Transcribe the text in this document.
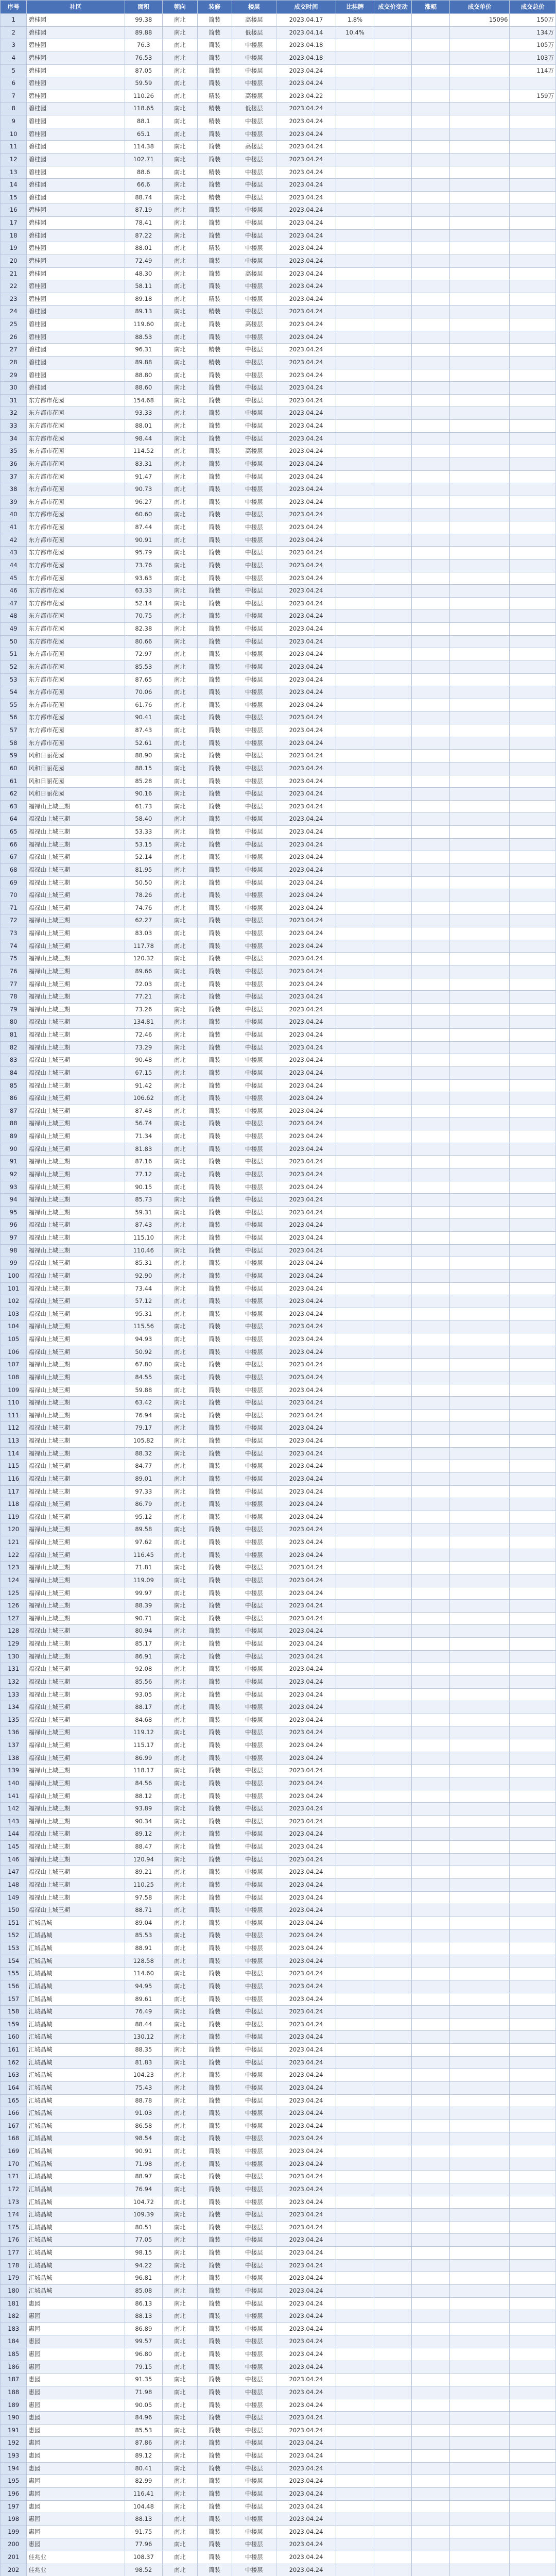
序号	社区	面积	朝向	装修	楼层	成交时间	比挂牌	成交价变动	涨幅	成交单价	成交总价
1	碧桂园	99.38	南北	简装	高楼层	2023.04.17	1.8%			15096	150万
2	碧桂园	89.88	南北	简装	低楼层	2023.04.14	10.4%				134万
3	碧桂园	76.3	南北	简装	中楼层	2023.04.18					105万
4	碧桂园	76.53	南北	简装	中楼层	2023.04.18					103万
5	碧桂园	87.05	南北	简装	中楼层	2023.04.24					114万
6	碧桂园	59.59	南北	简装	中楼层	2023.04.24					
7	碧桂园	110.26	南北	精装	高楼层	2023.04.22					159万
8	碧桂园	118.65	南北	精装	低楼层	2023.04.24					
9	碧桂园	88.1	南北	精装	中楼层	2023.04.24					
10	碧桂园	65.1	南北	简装	中楼层	2023.04.24					
11	碧桂园	114.38	南北	简装	高楼层	2023.04.24					
12	碧桂园	102.71	南北	简装	中楼层	2023.04.24					
13	碧桂园	88.6	南北	精装	中楼层	2023.04.24					
14	碧桂园	66.6	南北	简装	中楼层	2023.04.24					
15	碧桂园	88.74	南北	精装	中楼层	2023.04.24					
16	碧桂园	87.19	南北	简装	中楼层	2023.04.24					
17	碧桂园	78.41	南北	简装	中楼层	2023.04.24					
18	碧桂园	87.22	南北	简装	中楼层	2023.04.24					
19	碧桂园	88.01	南北	精装	中楼层	2023.04.24					
20	碧桂园	72.49	南北	简装	中楼层	2023.04.24					
21	碧桂园	48.30	南北	简装	高楼层	2023.04.24					
22	碧桂园	58.11	南北	简装	中楼层	2023.04.24					
23	碧桂园	89.18	南北	精装	中楼层	2023.04.24					
24	碧桂园	89.13	南北	精装	中楼层	2023.04.24					
25	碧桂园	119.60	南北	简装	高楼层	2023.04.24					
26	碧桂园	88.53	南北	简装	中楼层	2023.04.24					
27	碧桂园	96.31	南北	精装	中楼层	2023.04.24					
28	碧桂园	89.88	南北	精装	中楼层	2023.04.24					
29	碧桂园	88.80	南北	简装	中楼层	2023.04.24					
30	碧桂园	88.60	南北	简装	中楼层	2023.04.24					
31	东方都市花园	154.68	南北	简装	中楼层	2023.04.24					
32	东方都市花园	93.33	南北	简装	中楼层	2023.04.24					
33	东方都市花园	88.01	南北	简装	中楼层	2023.04.24					
34	东方都市花园	98.44	南北	简装	中楼层	2023.04.24					
35	东方都市花园	114.52	南北	简装	高楼层	2023.04.24					
36	东方都市花园	83.31	南北	简装	中楼层	2023.04.24					
37	东方都市花园	91.47	南北	简装	中楼层	2023.04.24					
38	东方都市花园	90.73	南北	简装	中楼层	2023.04.24					
39	东方都市花园	96.27	南北	简装	中楼层	2023.04.24					
40	东方都市花园	60.60	南北	简装	中楼层	2023.04.24					
41	东方都市花园	87.44	南北	简装	中楼层	2023.04.24					
42	东方都市花园	90.91	南北	简装	中楼层	2023.04.24					
43	东方都市花园	95.79	南北	简装	中楼层	2023.04.24					
44	东方都市花园	73.76	南北	简装	中楼层	2023.04.24					
45	东方都市花园	93.63	南北	简装	中楼层	2023.04.24					
46	东方都市花园	63.33	南北	简装	中楼层	2023.04.24					
47	东方都市花园	52.14	南北	简装	中楼层	2023.04.24					
48	东方都市花园	70.75	南北	简装	中楼层	2023.04.24					
49	东方都市花园	82.38	南北	简装	中楼层	2023.04.24					
50	东方都市花园	80.66	南北	简装	中楼层	2023.04.24					
51	东方都市花园	72.97	南北	简装	中楼层	2023.04.24					
52	东方都市花园	85.53	南北	简装	中楼层	2023.04.24					
53	东方都市花园	87.65	南北	简装	中楼层	2023.04.24					
54	东方都市花园	70.06	南北	简装	中楼层	2023.04.24					
55	东方都市花园	61.76	南北	简装	中楼层	2023.04.24					
56	东方都市花园	90.41	南北	简装	中楼层	2023.04.24					
57	东方都市花园	87.43	南北	简装	中楼层	2023.04.24					
58	东方都市花园	52.61	南北	简装	中楼层	2023.04.24					
59	风和日丽花园	88.90	南北	简装	中楼层	2023.04.24					
60	风和日丽花园	88.15	南北	简装	中楼层	2023.04.24					
61	风和日丽花园	85.28	南北	简装	中楼层	2023.04.24					
62	风和日丽花园	90.16	南北	简装	中楼层	2023.04.24					
63	福禄山上城三期	61.73	南北	简装	中楼层	2023.04.24					
64	福禄山上城三期	58.40	南北	简装	中楼层	2023.04.24					
65	福禄山上城三期	53.33	南北	简装	中楼层	2023.04.24					
66	福禄山上城三期	53.15	南北	简装	中楼层	2023.04.24					
67	福禄山上城三期	52.14	南北	简装	中楼层	2023.04.24					
68	福禄山上城三期	81.95	南北	简装	中楼层	2023.04.24					
69	福禄山上城三期	50.50	南北	简装	中楼层	2023.04.24					
70	福禄山上城三期	78.26	南北	简装	中楼层	2023.04.24					
71	福禄山上城三期	74.76	南北	简装	中楼层	2023.04.24					
72	福禄山上城三期	62.27	南北	简装	中楼层	2023.04.24					
73	福禄山上城三期	83.03	南北	简装	中楼层	2023.04.24					
74	福禄山上城三期	117.78	南北	简装	中楼层	2023.04.24					
75	福禄山上城三期	120.32	南北	简装	中楼层	2023.04.24					
76	福禄山上城三期	89.66	南北	简装	中楼层	2023.04.24					
77	福禄山上城三期	72.03	南北	简装	中楼层	2023.04.24					
78	福禄山上城三期	77.21	南北	简装	中楼层	2023.04.24					
79	福禄山上城三期	73.26	南北	简装	中楼层	2023.04.24					
80	福禄山上城三期	134.81	南北	简装	中楼层	2023.04.24					
81	福禄山上城三期	72.46	南北	简装	中楼层	2023.04.24					
82	福禄山上城三期	73.29	南北	简装	中楼层	2023.04.24					
83	福禄山上城三期	90.48	南北	简装	中楼层	2023.04.24					
84	福禄山上城三期	67.15	南北	简装	中楼层	2023.04.24					
85	福禄山上城三期	91.42	南北	简装	中楼层	2023.04.24					
86	福禄山上城三期	106.62	南北	简装	中楼层	2023.04.24					
87	福禄山上城三期	87.48	南北	简装	中楼层	2023.04.24					
88	福禄山上城三期	56.74	南北	简装	中楼层	2023.04.24					
89	福禄山上城三期	71.34	南北	简装	中楼层	2023.04.24					
90	福禄山上城三期	81.83	南北	简装	中楼层	2023.04.24					
91	福禄山上城三期	87.16	南北	简装	中楼层	2023.04.24					
92	福禄山上城三期	77.12	南北	简装	中楼层	2023.04.24					
93	福禄山上城三期	90.15	南北	简装	中楼层	2023.04.24					
94	福禄山上城三期	85.73	南北	简装	中楼层	2023.04.24					
95	福禄山上城三期	59.31	南北	简装	中楼层	2023.04.24					
96	福禄山上城三期	87.43	南北	简装	中楼层	2023.04.24					
97	福禄山上城三期	115.10	南北	简装	中楼层	2023.04.24					
98	福禄山上城三期	110.46	南北	简装	中楼层	2023.04.24					
99	福禄山上城三期	85.31	南北	简装	中楼层	2023.04.24					
100	福禄山上城三期	92.90	南北	简装	中楼层	2023.04.24					
101	福禄山上城三期	73.44	南北	简装	中楼层	2023.04.24					
102	福禄山上城三期	57.12	南北	简装	中楼层	2023.04.24					
103	福禄山上城三期	95.31	南北	简装	中楼层	2023.04.24					
104	福禄山上城三期	115.56	南北	简装	中楼层	2023.04.24					
105	福禄山上城三期	94.93	南北	简装	中楼层	2023.04.24					
106	福禄山上城三期	50.92	南北	简装	中楼层	2023.04.24					
107	福禄山上城三期	67.80	南北	简装	中楼层	2023.04.24					
108	福禄山上城三期	84.55	南北	简装	中楼层	2023.04.24					
109	福禄山上城三期	59.88	南北	简装	中楼层	2023.04.24					
110	福禄山上城三期	63.42	南北	简装	中楼层	2023.04.24					
111	福禄山上城三期	76.94	南北	简装	中楼层	2023.04.24					
112	福禄山上城三期	79.17	南北	简装	中楼层	2023.04.24					
113	福禄山上城三期	105.82	南北	简装	中楼层	2023.04.24					
114	福禄山上城三期	88.32	南北	简装	中楼层	2023.04.24					
115	福禄山上城三期	84.77	南北	简装	中楼层	2023.04.24					
116	福禄山上城三期	89.01	南北	简装	中楼层	2023.04.24					
117	福禄山上城三期	97.33	南北	简装	中楼层	2023.04.24					
118	福禄山上城三期	86.79	南北	简装	中楼层	2023.04.24					
119	福禄山上城三期	95.12	南北	简装	中楼层	2023.04.24					
120	福禄山上城三期	89.58	南北	简装	中楼层	2023.04.24					
121	福禄山上城三期	97.62	南北	简装	中楼层	2023.04.24					
122	福禄山上城三期	116.45	南北	简装	中楼层	2023.04.24					
123	福禄山上城三期	71.81	南北	简装	中楼层	2023.04.24					
124	福禄山上城三期	119.09	南北	简装	中楼层	2023.04.24					
125	福禄山上城三期	99.97	南北	简装	中楼层	2023.04.24					
126	福禄山上城三期	88.39	南北	简装	中楼层	2023.04.24					
127	福禄山上城三期	90.71	南北	简装	中楼层	2023.04.24					
128	福禄山上城三期	80.94	南北	简装	中楼层	2023.04.24					
129	福禄山上城三期	85.17	南北	简装	中楼层	2023.04.24					
130	福禄山上城三期	86.91	南北	简装	中楼层	2023.04.24					
131	福禄山上城三期	92.08	南北	简装	中楼层	2023.04.24					
132	福禄山上城三期	85.56	南北	简装	中楼层	2023.04.24					
133	福禄山上城三期	93.05	南北	简装	中楼层	2023.04.24					
134	福禄山上城三期	88.17	南北	简装	中楼层	2023.04.24					
135	福禄山上城三期	84.68	南北	简装	中楼层	2023.04.24					
136	福禄山上城三期	119.12	南北	简装	中楼层	2023.04.24					
137	福禄山上城三期	115.17	南北	简装	中楼层	2023.04.24					
138	福禄山上城三期	86.99	南北	简装	中楼层	2023.04.24					
139	福禄山上城三期	118.17	南北	简装	中楼层	2023.04.24					
140	福禄山上城三期	84.56	南北	简装	中楼层	2023.04.24					
141	福禄山上城三期	88.12	南北	简装	中楼层	2023.04.24					
142	福禄山上城三期	93.89	南北	简装	中楼层	2023.04.24					
143	福禄山上城三期	90.34	南北	简装	中楼层	2023.04.24					
144	福禄山上城三期	89.12	南北	简装	中楼层	2023.04.24					
145	福禄山上城三期	88.47	南北	简装	中楼层	2023.04.24					
146	福禄山上城三期	120.94	南北	简装	中楼层	2023.04.24					
147	福禄山上城三期	89.21	南北	简装	中楼层	2023.04.24					
148	福禄山上城三期	110.25	南北	简装	中楼层	2023.04.24					
149	福禄山上城三期	97.58	南北	简装	中楼层	2023.04.24					
150	福禄山上城三期	88.71	南北	简装	中楼层	2023.04.24					
151	汇城晶城	89.04	南北	简装	中楼层	2023.04.24					
152	汇城晶城	85.53	南北	简装	中楼层	2023.04.24					
153	汇城晶城	88.91	南北	简装	中楼层	2023.04.24					
154	汇城晶城	128.58	南北	简装	中楼层	2023.04.24					
155	汇城晶城	114.60	南北	简装	中楼层	2023.04.24					
156	汇城晶城	94.95	南北	简装	中楼层	2023.04.24					
157	汇城晶城	89.61	南北	简装	中楼层	2023.04.24					
158	汇城晶城	76.49	南北	简装	中楼层	2023.04.24					
159	汇城晶城	88.44	南北	简装	中楼层	2023.04.24					
160	汇城晶城	130.12	南北	简装	中楼层	2023.04.24					
161	汇城晶城	88.35	南北	简装	中楼层	2023.04.24					
162	汇城晶城	81.83	南北	简装	中楼层	2023.04.24					
163	汇城晶城	104.23	南北	简装	中楼层	2023.04.24					
164	汇城晶城	75.43	南北	简装	中楼层	2023.04.24					
165	汇城晶城	88.78	南北	简装	中楼层	2023.04.24					
166	汇城晶城	91.03	南北	简装	中楼层	2023.04.24					
167	汇城晶城	86.58	南北	简装	中楼层	2023.04.24					
168	汇城晶城	98.54	南北	简装	中楼层	2023.04.24					
169	汇城晶城	90.91	南北	简装	中楼层	2023.04.24					
170	汇城晶城	71.98	南北	简装	中楼层	2023.04.24					
171	汇城晶城	88.97	南北	简装	中楼层	2023.04.24					
172	汇城晶城	76.94	南北	简装	中楼层	2023.04.24					
173	汇城晶城	104.72	南北	简装	中楼层	2023.04.24					
174	汇城晶城	109.39	南北	简装	中楼层	2023.04.24					
175	汇城晶城	80.51	南北	简装	中楼层	2023.04.24					
176	汇城晶城	77.05	南北	简装	中楼层	2023.04.24					
177	汇城晶城	98.15	南北	简装	中楼层	2023.04.24					
178	汇城晶城	94.22	南北	简装	中楼层	2023.04.24					
179	汇城晶城	96.81	南北	简装	中楼层	2023.04.24					
180	汇城晶城	85.08	南北	简装	中楼层	2023.04.24					
181	惠园	86.13	南北	简装	中楼层	2023.04.24					
182	惠园	88.13	南北	简装	中楼层	2023.04.24					
183	惠园	86.89	南北	简装	中楼层	2023.04.24					
184	惠园	99.57	南北	简装	中楼层	2023.04.24					
185	惠园	96.80	南北	简装	中楼层	2023.04.24					
186	惠园	79.15	南北	简装	中楼层	2023.04.24					
187	惠园	91.35	南北	简装	中楼层	2023.04.24					
188	惠园	71.98	南北	简装	中楼层	2023.04.24					
189	惠园	90.05	南北	简装	中楼层	2023.04.24					
190	惠园	84.96	南北	简装	中楼层	2023.04.24					
191	惠园	85.53	南北	简装	中楼层	2023.04.24					
192	惠园	87.86	南北	简装	中楼层	2023.04.24					
193	惠园	89.12	南北	简装	中楼层	2023.04.24					
194	惠园	80.41	南北	简装	中楼层	2023.04.24					
195	惠园	82.99	南北	简装	中楼层	2023.04.24					
196	惠园	116.41	南北	简装	中楼层	2023.04.24					
197	惠园	104.48	南北	简装	中楼层	2023.04.24					
198	惠园	88.13	南北	简装	中楼层	2023.04.24					
199	惠园	91.75	南北	简装	中楼层	2023.04.24					
200	惠园	77.96	南北	简装	中楼层	2023.04.24					
201	佳兆业	108.37	南北	简装	中楼层	2023.04.24					
202	佳兆业	98.52	南北	简装	中楼层	2023.04.24					
